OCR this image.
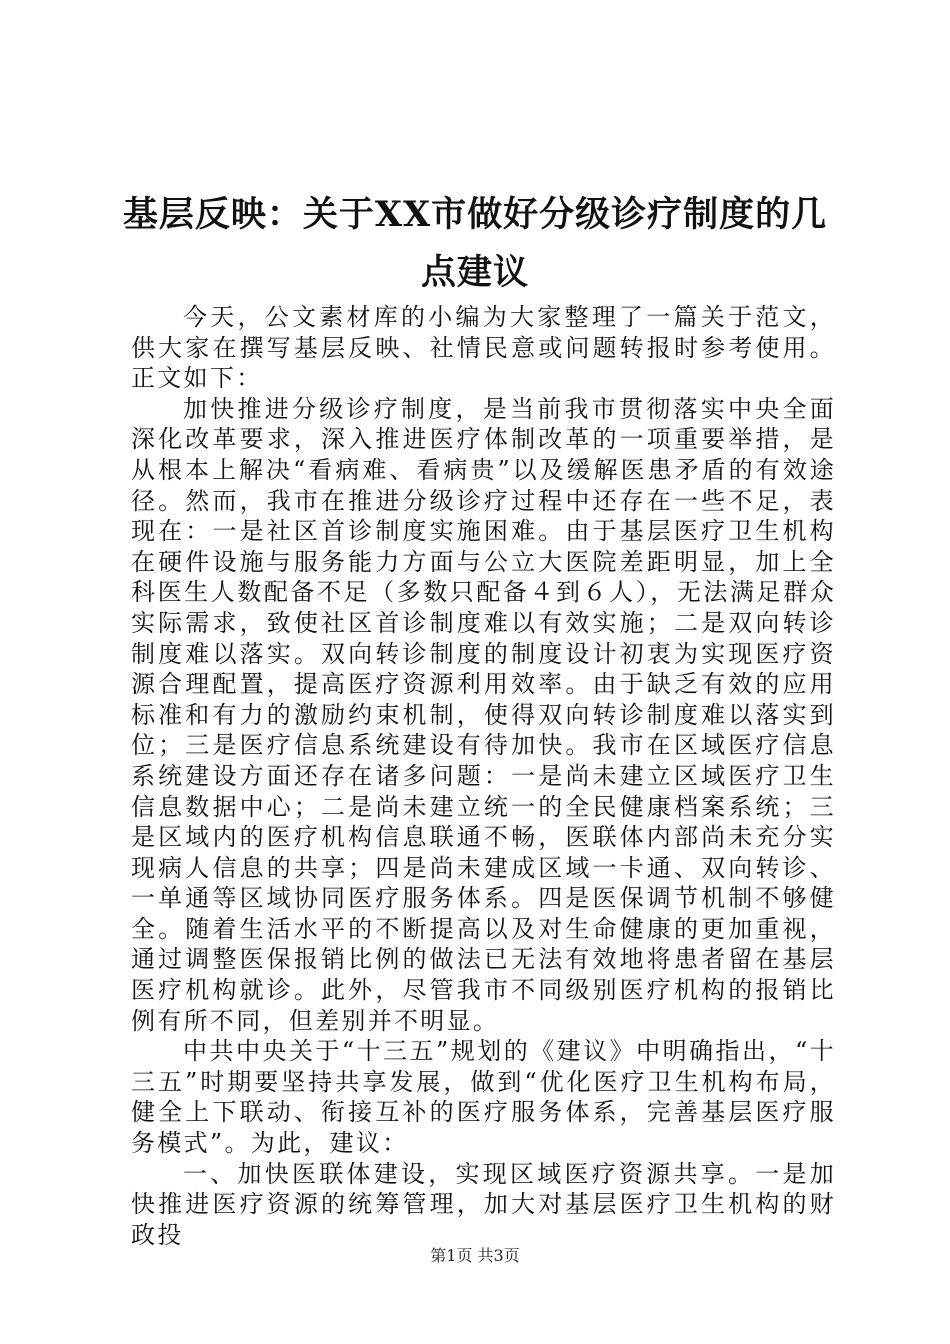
基层反映：关于XX市做好分级诊疗制度的几点建议

今天，公文素材库的小编为大家整理了一篇关于范文，供大家在撰写基层反映、社情民意或问题转报时参考使用。正文如下：

加快推进分级诊疗制度，是当前我市贯彻落实中央全面深化改革要求，深入推进医疗体制改革的一项重要举措，是从根本上解决“看病难、看病贵”以及缓解医患矛盾的有效途径。然而，我市在推进分级诊疗过程中还存在一些不足，表现在：一是社区首诊制度实施困难。由于基层医疗卫生机构在硬件设施与服务能力方面与公立大医院差距明显，加上全科医生人数配备不足（多数只配备４到６人），无法满足群众实际需求，致使社区首诊制度难以有效实施；二是双向转诊制度难以落实。双向转诊制度的制度设计初衷为实现医疗资源合理配置，提高医疗资源利用效率。由于缺乏有效的应用标准和有力的激励约束机制，使得双向转诊制度难以落实到位；三是医疗信息系统建设有待加快。我市在区域医疗信息系统建设方面还存在诸多问题：一是尚未建立区域医疗卫生信息数据中心；二是尚未建立统一的全民健康档案系统；三是区域内的医疗机构信息联通不畅，医联体内部尚未充分实现病人信息的共享；四是尚未建成区域一卡通、双向转诊、一单通等区域协同医疗服务体系。四是医保调节机制不够健全。随着生活水平的不断提高以及对生命健康的更加重视，通过调整医保报销比例的做法已无法有效地将患者留在基层医疗机构就诊。此外，尽管我市不同级别医疗机构的报销比例有所不同，但差别并不明显。

中共中央关于“十三五”规划的《建议》中明确指出，“十三五”时期要坚持共享发展，做到“优化医疗卫生机构布局，健全上下联动、衔接互补的医疗服务体系，完善基层医疗服务模式”。为此，建议：

一、加快医联体建设，实现区域医疗资源共享。一是加快推进医疗资源的统筹管理，加大对基层医疗卫生机构的财政投

第1页 共3页
